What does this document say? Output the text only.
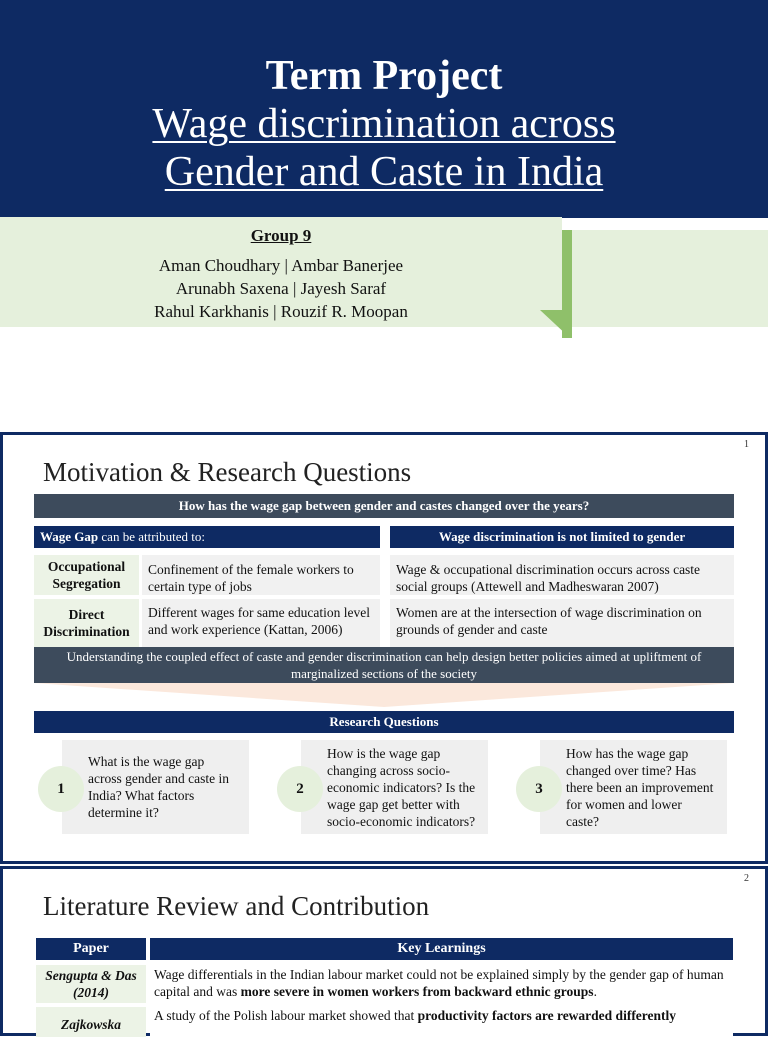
Term Project
Wage discrimination across
Gender and Caste in India
Group 9
Aman Choudhary | Ambar Banerjee
Arunabh Saxena | Jayesh Saraf
Rahul Karkhanis | Rouzif R. Moopan
1
Motivation & Research Questions
How has the wage gap between gender and castes changed over the years?
Wage Gap can be attributed to:	Wage discrimination is not limited to gender
Occupational Segregation
Confinement of the female workers to certain type of jobs
Direct Discrimination
Different wages for same education level and work experience (Kattan, 2006)
Wage & occupational discrimination occurs across caste social groups (Attewell and Madheswaran 2007)
Women are at the intersection of wage discrimination on grounds of gender and caste
Understanding the coupled effect of caste and gender discrimination can help design better policies aimed at upliftment of marginalized sections of the society
Research Questions
What is the wage gap across gender and caste in India? What factors determine it?
1
How is the wage gap changing across socio-economic indicators? Is the wage gap get better with socio-economic indicators?
2
How has the wage gap changed over time? Has there been an improvement for women and lower caste?
3
2
Literature Review and Contribution
Paper	Key Learnings
Sengupta & Das (2014)
Wage differentials in the Indian labour market could not be explained simply by the gender gap of human capital and was more severe in women workers from backward ethnic groups.
Zajkowska
A study of the Polish labour market showed that productivity factors are rewarded differently
